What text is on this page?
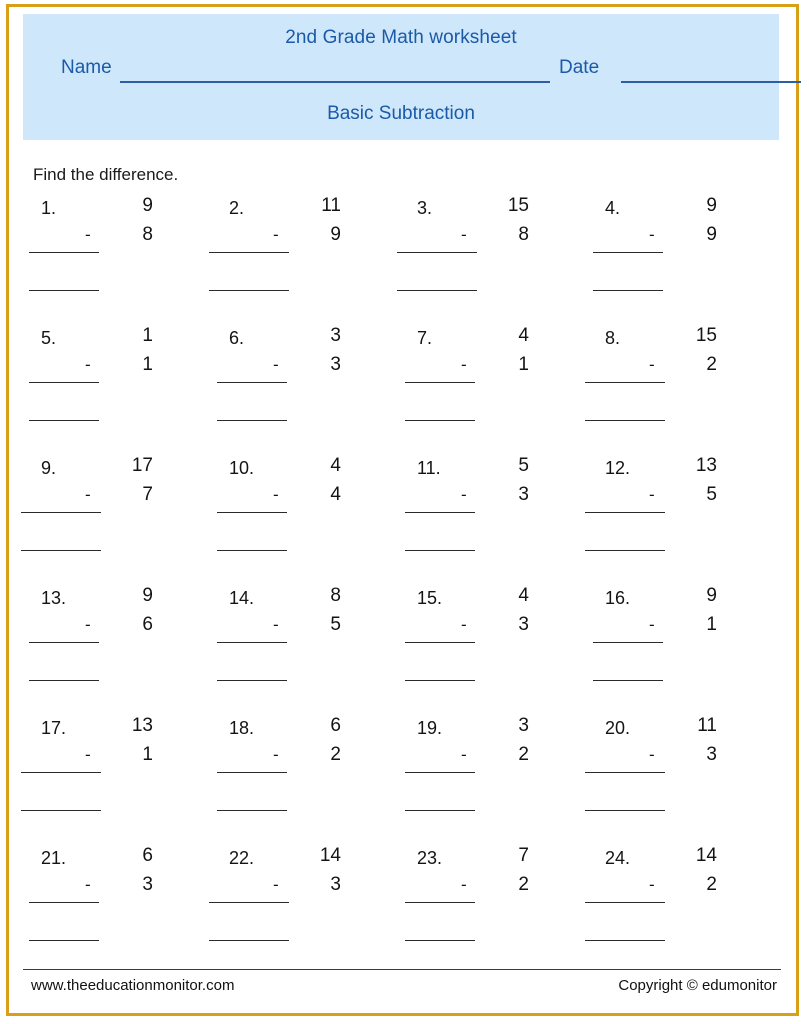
2nd Grade Math worksheet
Name	Date
Basic Subtraction
Find the difference.
1.	9
-	8
2.	11
-	9
3.	15
-	8
4.	9
-	9
5.	1
-	1
6.	3
-	3
7.	4
-	1
8.	15
-	2
9.	17
-	7
10.	4
-	4
11.	5
-	3
12.	13
-	5
13.	9
-	6
14.	8
-	5
15.	4
-	3
16.	9
-	1
17.	13
-	1
18.	6
-	2
19.	3
-	2
20.	11
-	3
21.	6
-	3
22.	14
-	3
23.	7
-	2
24.	14
-	2
www.theeducationmonitor.com	Copyright © edumonitor
